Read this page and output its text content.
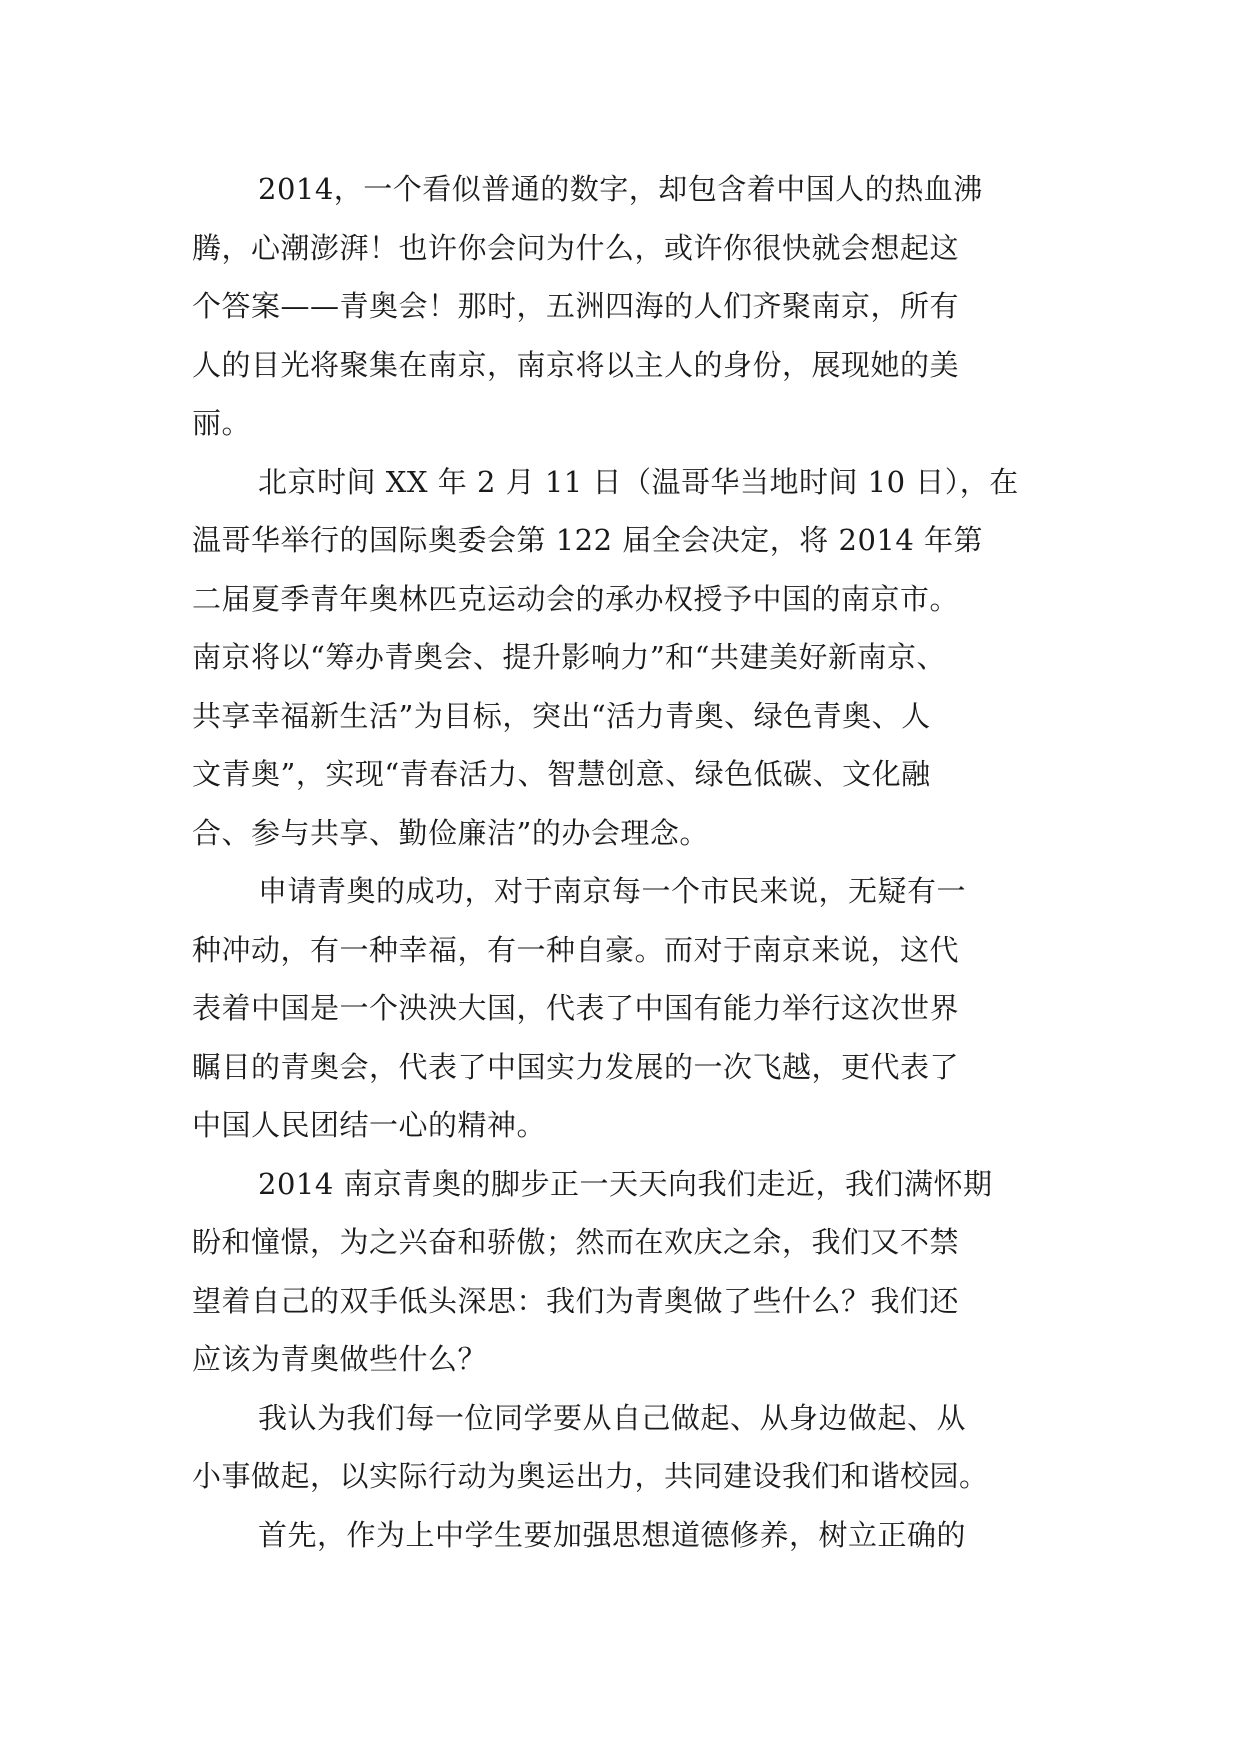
2014，一个看似普通的数字，却包含着中国人的热血沸
腾，心潮澎湃！也许你会问为什么，或许你很快就会想起这
个答案——青奥会！那时，五洲四海的人们齐聚南京，所有
人的目光将聚集在南京，南京将以主人的身份，展现她的美
丽。
北京时间 XX 年 2 月 11 日（温哥华当地时间 10 日），在
温哥华举行的国际奥委会第 122 届全会决定，将 2014 年第
二届夏季青年奥林匹克运动会的承办权授予中国的南京市。
南京将以“筹办青奥会、提升影响力”和“共建美好新南京、
共享幸福新生活”为目标，突出“活力青奥、绿色青奥、人
文青奥”，实现“青春活力、智慧创意、绿色低碳、文化融
合、参与共享、勤俭廉洁”的办会理念。
申请青奥的成功，对于南京每一个市民来说，无疑有一
种冲动，有一种幸福，有一种自豪。而对于南京来说，这代
表着中国是一个泱泱大国，代表了中国有能力举行这次世界
瞩目的青奥会，代表了中国实力发展的一次飞越，更代表了
中国人民团结一心的精神。
2014 南京青奥的脚步正一天天向我们走近，我们满怀期
盼和憧憬，为之兴奋和骄傲；然而在欢庆之余，我们又不禁
望着自己的双手低头深思：我们为青奥做了些什么？我们还
应该为青奥做些什么？
我认为我们每一位同学要从自己做起、从身边做起、从
小事做起，以实际行动为奥运出力，共同建设我们和谐校园。
首先，作为上中学生要加强思想道德修养，树立正确的
